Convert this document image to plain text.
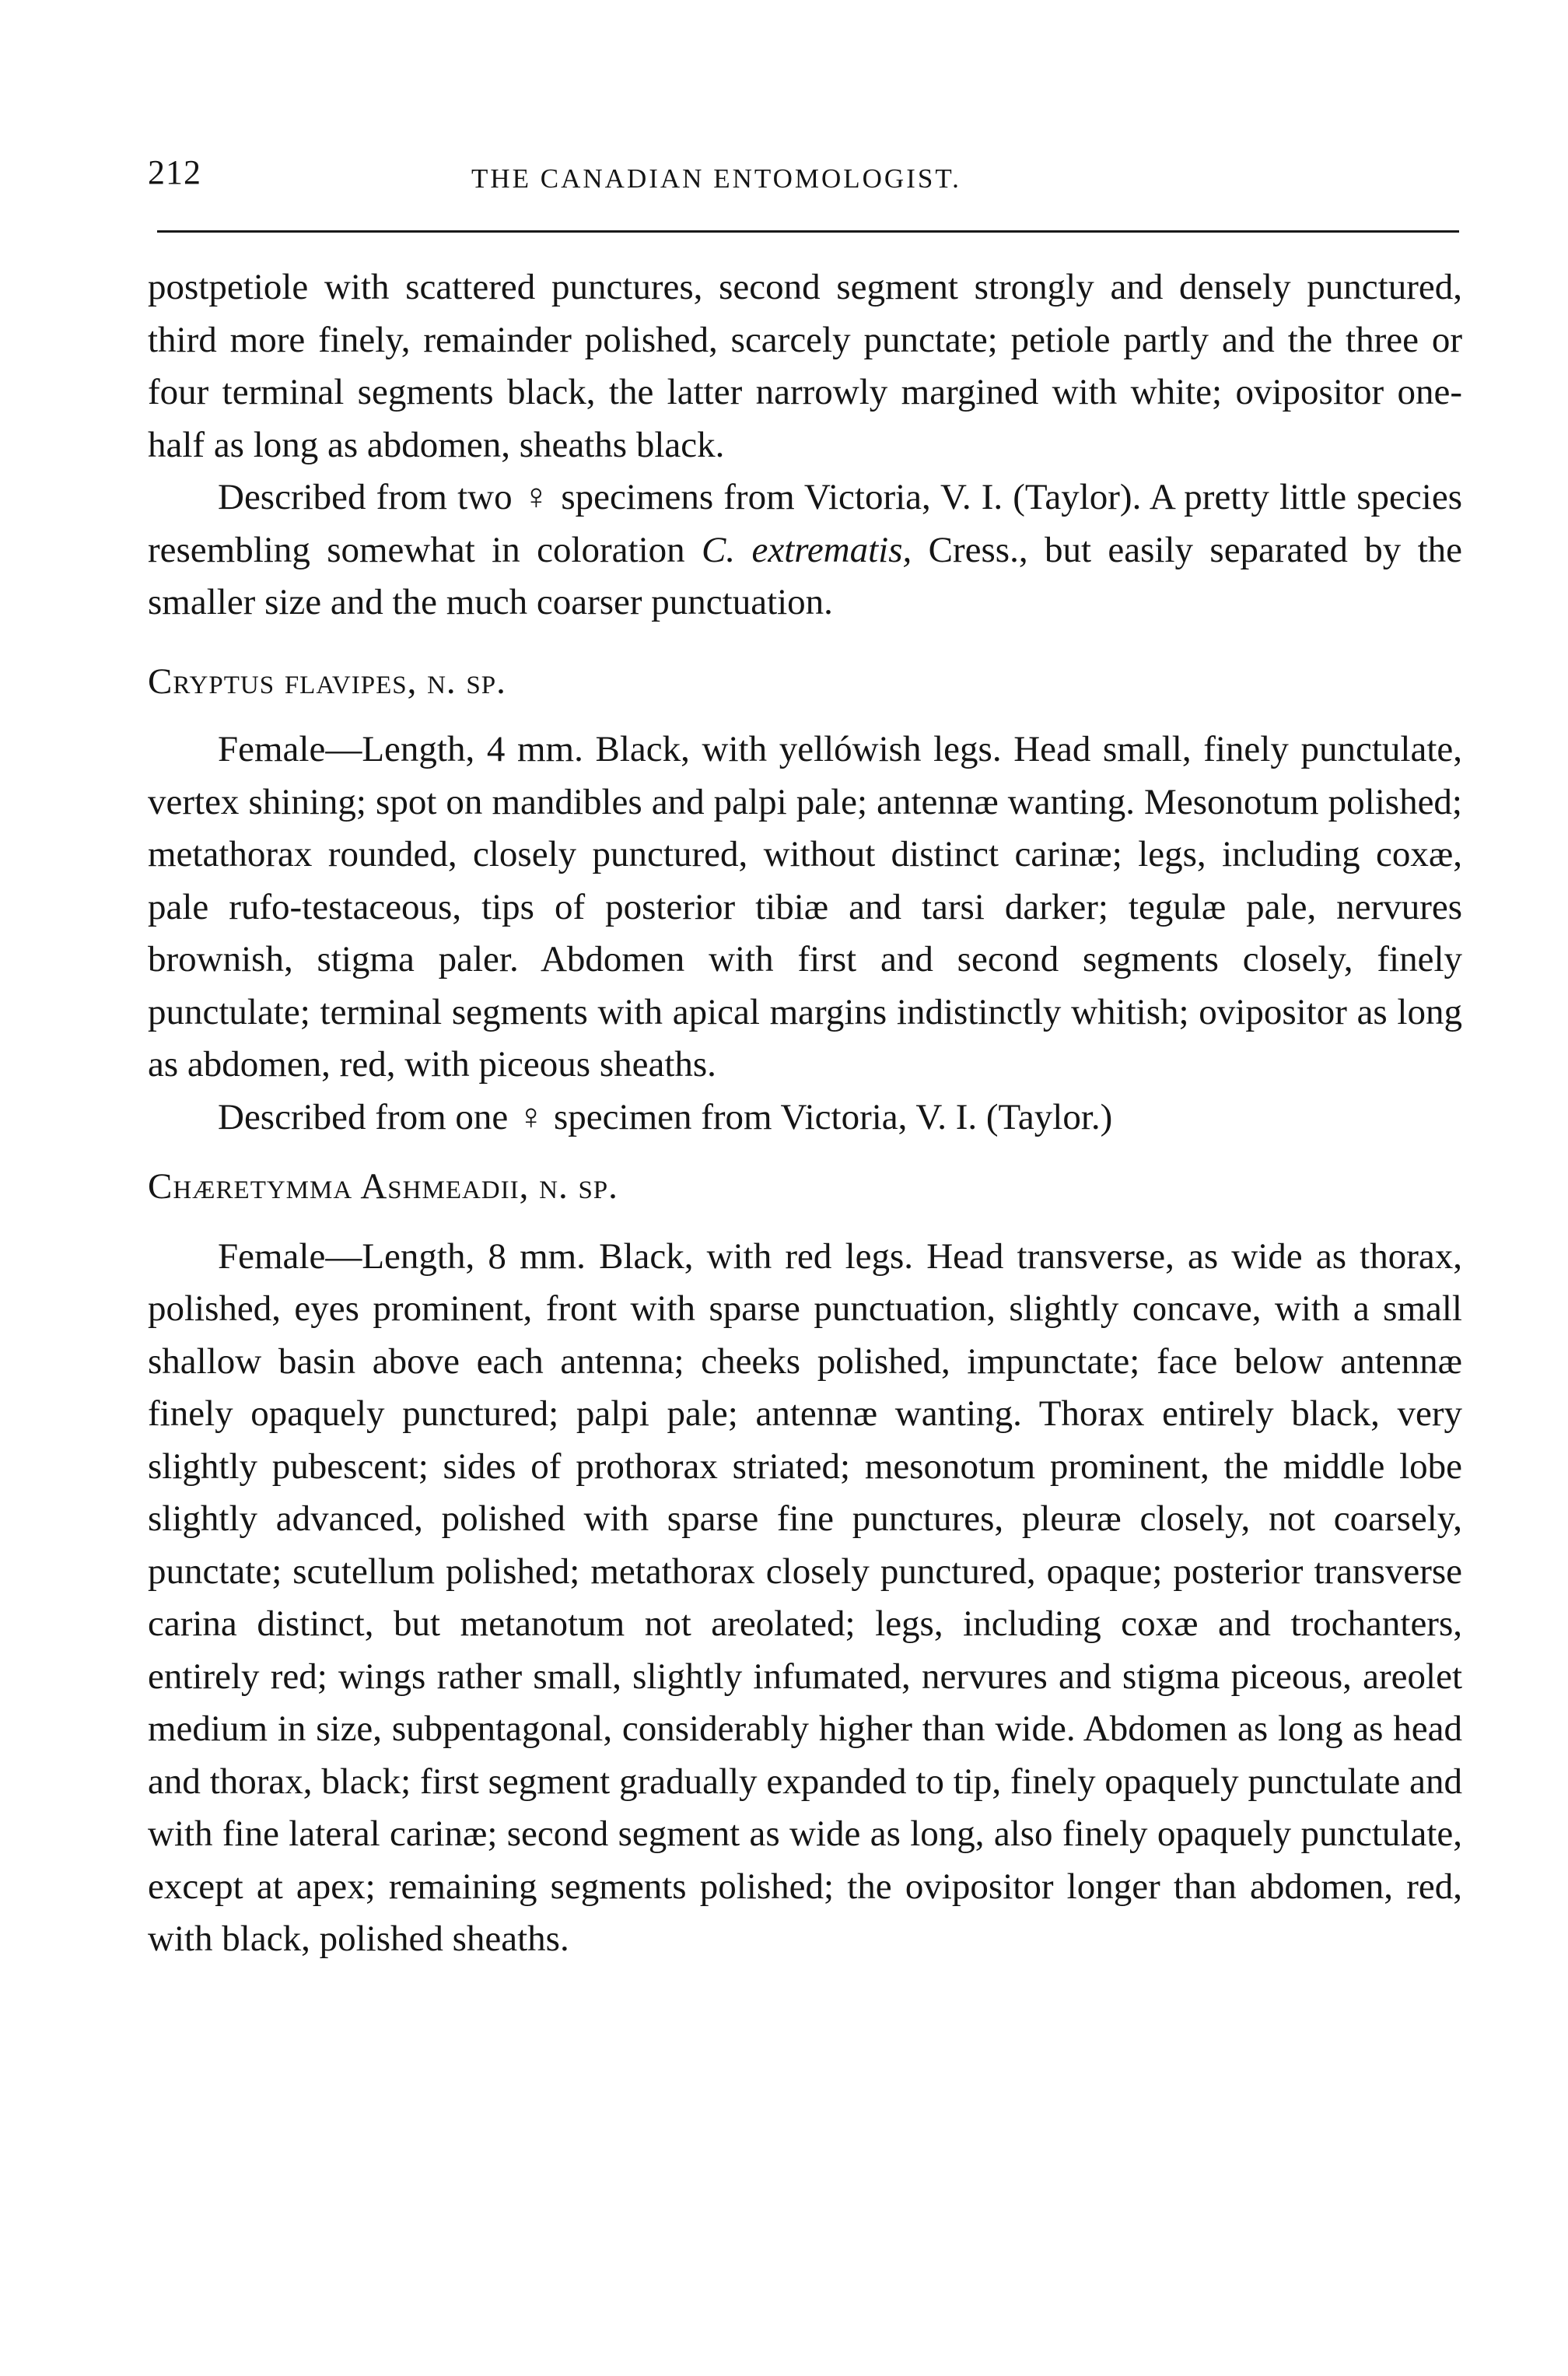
212	THE CANADIAN ENTOMOLOGIST.

postpetiole with scattered punctures, second segment strongly and densely punctured, third more finely, remainder polished, scarcely punctate; petiole partly and the three or four terminal segments black, the latter narrowly margined with white; ovipositor one-half as long as abdomen, sheaths black.

Described from two ♀ specimens from Victoria, V. I. (Taylor). A pretty little species resembling somewhat in coloration C. extrematis, Cress., but easily separated by the smaller size and the much coarser punctuation.

Cryptus flavipes, n. sp.

Female—Length, 4 mm. Black, with yellówish legs. Head small, finely punctulate, vertex shining; spot on mandibles and palpi pale; antennæ wanting. Mesonotum polished; metathorax rounded, closely punctured, without distinct carinæ; legs, including coxæ, pale rufo-testaceous, tips of posterior tibiæ and tarsi darker; tegulæ pale, nervures brownish, stigma paler. Abdomen with first and second segments closely, finely punctulate; terminal segments with apical margins indistinctly whitish; ovipositor as long as abdomen, red, with piceous sheaths.

Described from one ♀ specimen from Victoria, V. I. (Taylor.)

Chæretymma Ashmeadii, n. sp.

Female—Length, 8 mm. Black, with red legs. Head transverse, as wide as thorax, polished, eyes prominent, front with sparse punctuation, slightly concave, with a small shallow basin above each antenna; cheeks polished, impunctate; face below antennæ finely opaquely punctured; palpi pale; antennæ wanting. Thorax entirely black, very slightly pubescent; sides of prothorax striated; mesonotum prominent, the middle lobe slightly advanced, polished with sparse fine punctures, pleuræ closely, not coarsely, punctate; scutellum polished; metathorax closely punctured, opaque; posterior transverse carina distinct, but metanotum not areolated; legs, including coxæ and trochanters, entirely red; wings rather small, slightly infumated, nervures and stigma piceous, areolet medium in size, subpentagonal, considerably higher than wide. Abdomen as long as head and thorax, black; first segment gradually expanded to tip, finely opaquely punctulate and with fine lateral carinæ; second segment as wide as long, also finely opaquely punctulate, except at apex; remaining segments polished; the ovipositor longer than abdomen, red, with black, polished sheaths.
